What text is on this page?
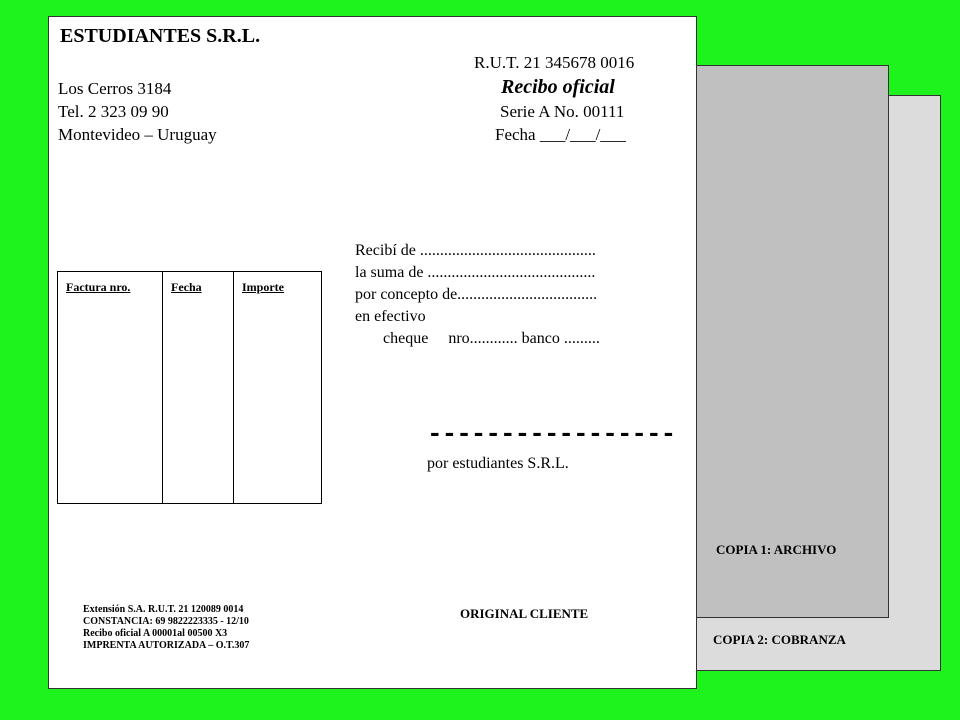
COPIA 2: COBRANZA
COPIA 1: ARCHIVO
ESTUDIANTES S.R.L.
R.U.T. 21 345678 0016
Los Cerros 3184
Tel. 2 323 09 90
Montevideo – Uruguay
Recibo oficial
Serie A No. 00111
Fecha ___/___/___
Recibí de ............................................
la suma de ..........................................
por concepto de...................................
en efectivo
cheque nro............ banco .........
Factura nro.	Fecha	Importe
-----------------
por estudiantes S.R.L.
Extensión S.A. R.U.T. 21 120089 0014
CONSTANCIA: 69 9822223335 - 12/10
Recibo oficial A 00001al 00500 X3
IMPRENTA AUTORIZADA – O.T.307
ORIGINAL CLIENTE
